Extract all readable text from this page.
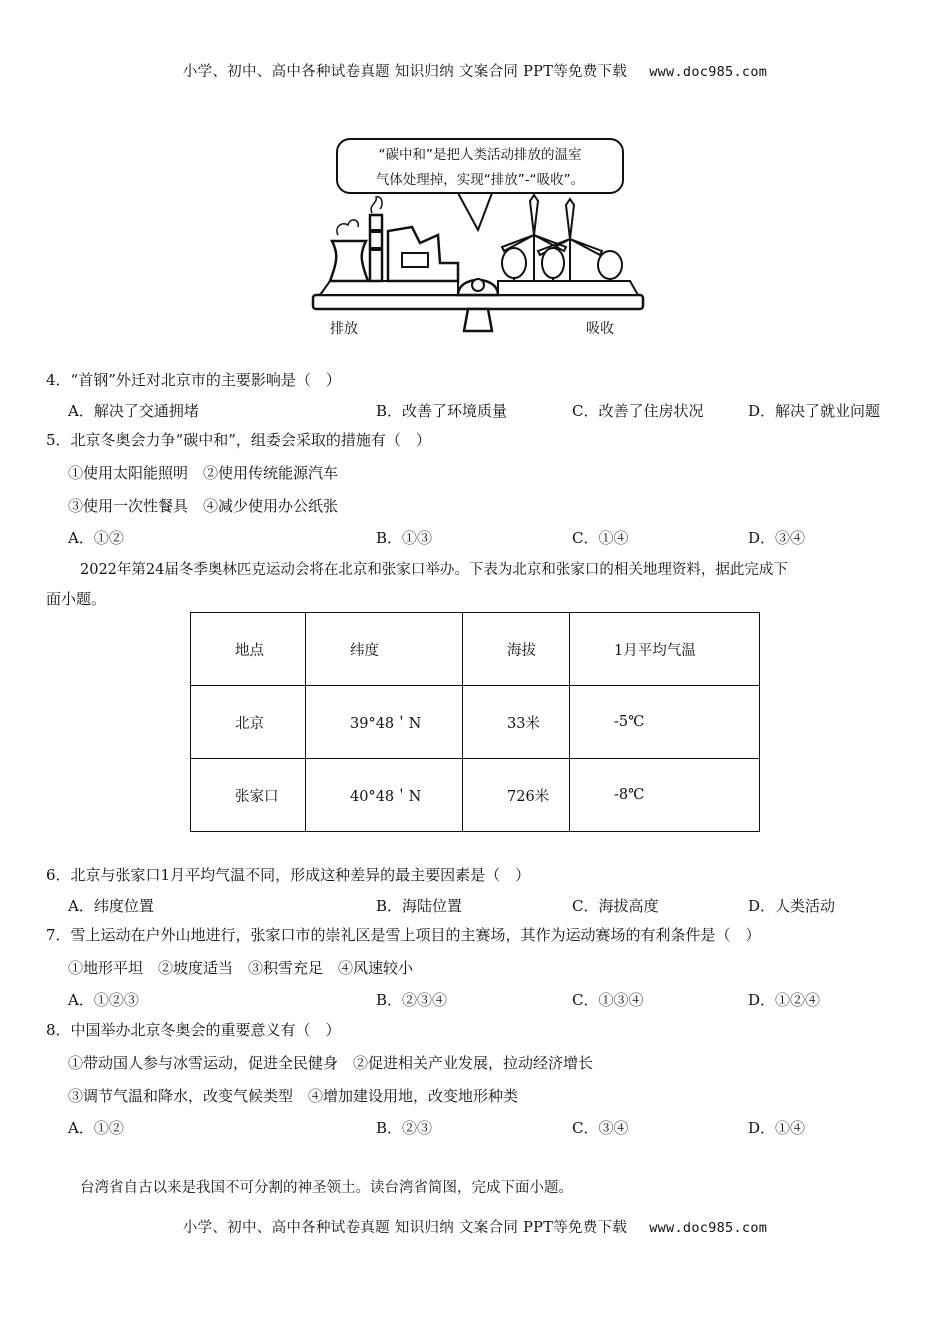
小学、初中、高中各种试卷真题 知识归纳 文案合同 PPT等免费下载 www.doc985.com
“碳中和”是把人类活动排放的温室
气体处理掉，实现“排放”-“吸收”。
排放	吸收
4．“首钢”外迁对北京市的主要影响是（　）
A．解决了交通拥堵	B．改善了环境质量	C．改善了住房状况	D．解决了就业问题
5．北京冬奥会力争“碳中和”，组委会采取的措施有（　）
①使用太阳能照明　②使用传统能源汽车
③使用一次性餐具　④减少使用办公纸张
A．①②	B．①③	C．①④	D．③④
2022年第24届冬季奥林匹克运动会将在北京和张家口举办。下表为北京和张家口的相关地理资料，据此完成下
面小题。
地点	纬度	海拔	1月平均气温
北京	39°48＇N	33米	-5℃
张家口	40°48＇N	726米	-8℃
6．北京与张家口1月平均气温不同，形成这种差异的最主要因素是（　）
A．纬度位置	B．海陆位置	C．海拔高度	D．人类活动
7．雪上运动在户外山地进行，张家口市的崇礼区是雪上项目的主赛场，其作为运动赛场的有利条件是（　）
①地形平坦　②坡度适当　③积雪充足　④风速较小
A．①②③	B．②③④	C．①③④	D．①②④
8．中国举办北京冬奥会的重要意义有（　）
①带动国人参与冰雪运动，促进全民健身　②促进相关产业发展，拉动经济增长
③调节气温和降水，改变气候类型　④增加建设用地，改变地形种类
A．①②	B．②③	C．③④	D．①④
台湾省自古以来是我国不可分割的神圣领土。读台湾省简图，完成下面小题。
小学、初中、高中各种试卷真题 知识归纳 文案合同 PPT等免费下载 www.doc985.com
